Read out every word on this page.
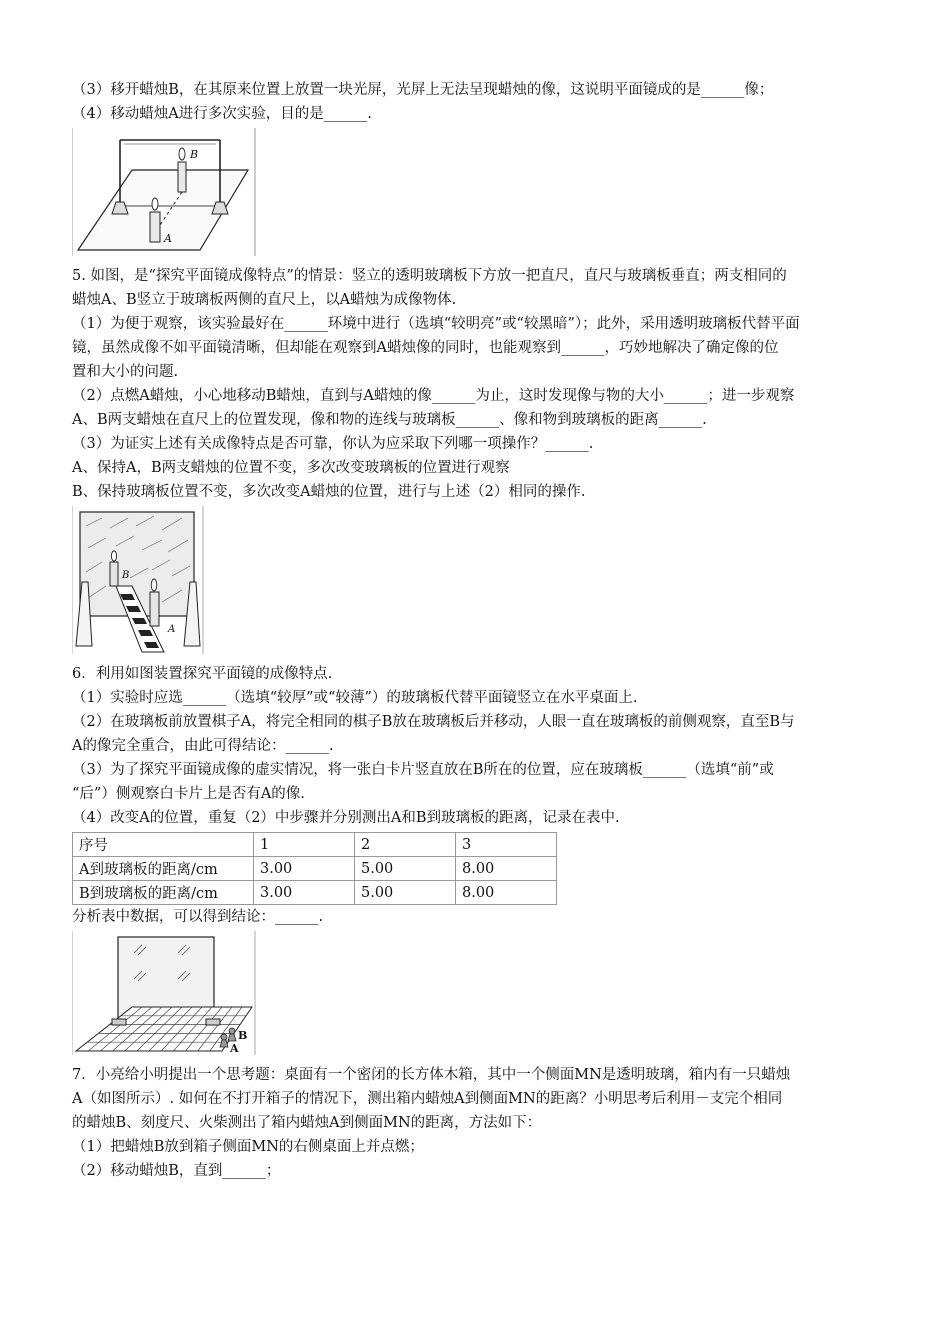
（3）移开蜡烛B，在其原来位置上放置一块光屏，光屏上无法呈现蜡烛的像，这说明平面镜成的是______像；

（4）移动蜡烛A进行多次实验，目的是______.

B
A

5. 如图，是“探究平面镜成像特点”的情景：竖立的透明玻璃板下方放一把直尺，直尺与玻璃板垂直；两支相同的

蜡烛A、B竖立于玻璃板两侧的直尺上，以A蜡烛为成像物体.

（1）为便于观察，该实验最好在______环境中进行（选填“较明亮”或“较黑暗”）；此外，采用透明玻璃板代替平面

镜，虽然成像不如平面镜清晰，但却能在观察到A蜡烛像的同时，也能观察到______，巧妙地解决了确定像的位

置和大小的问题.

（2）点燃A蜡烛，小心地移动B蜡烛，直到与A蜡烛的像______为止，这时发现像与物的大小______；进一步观察

A、B两支蜡烛在直尺上的位置发现，像和物的连线与玻璃板______、像和物到玻璃板的距离______.

（3）为证实上述有关成像特点是否可靠，你认为应采取下列哪一项操作？______.

A、保持A，B两支蜡烛的位置不变，多次改变玻璃板的位置进行观察

B、保持玻璃板位置不变，多次改变A蜡烛的位置，进行与上述（2）相同的操作.

B
A

6．利用如图装置探究平面镜的成像特点.

（1）实验时应选______（选填“较厚”或“较薄”）的玻璃板代替平面镜竖立在水平桌面上.

（2）在玻璃板前放置棋子A，将完全相同的棋子B放在玻璃板后并移动，人眼一直在玻璃板的前侧观察，直至B与

A的像完全重合，由此可得结论：______.

（3）为了探究平面镜成像的虚实情况，将一张白卡片竖直放在B所在的位置，应在玻璃板______（选填“前”或

“后”）侧观察白卡片上是否有A的像.

（4）改变A的位置，重复（2）中步骤并分别测出A和B到玻璃板的距离，记录在表中.

序号	1	2	3
A到玻璃板的距离/cm	3.00	5.00	8.00
B到玻璃板的距离/cm	3.00	5.00	8.00

分析表中数据，可以得到结论：______.

B
A

7．小亮给小明提出一个思考题：桌面有一个密闭的长方体木箱，其中一个侧面MN是透明玻璃，箱内有一只蜡烛

A（如图所示）. 如何在不打开箱子的情况下，测出箱内蜡烛A到侧面MN的距离？小明思考后利用－支完个相同

的蜡烛B、刻度尺、火柴测出了箱内蜡烛A到侧面MN的距离，方法如下：

（1）把蜡烛B放到箱子侧面MN的右侧桌面上并点燃；

（2）移动蜡烛B，直到______；
